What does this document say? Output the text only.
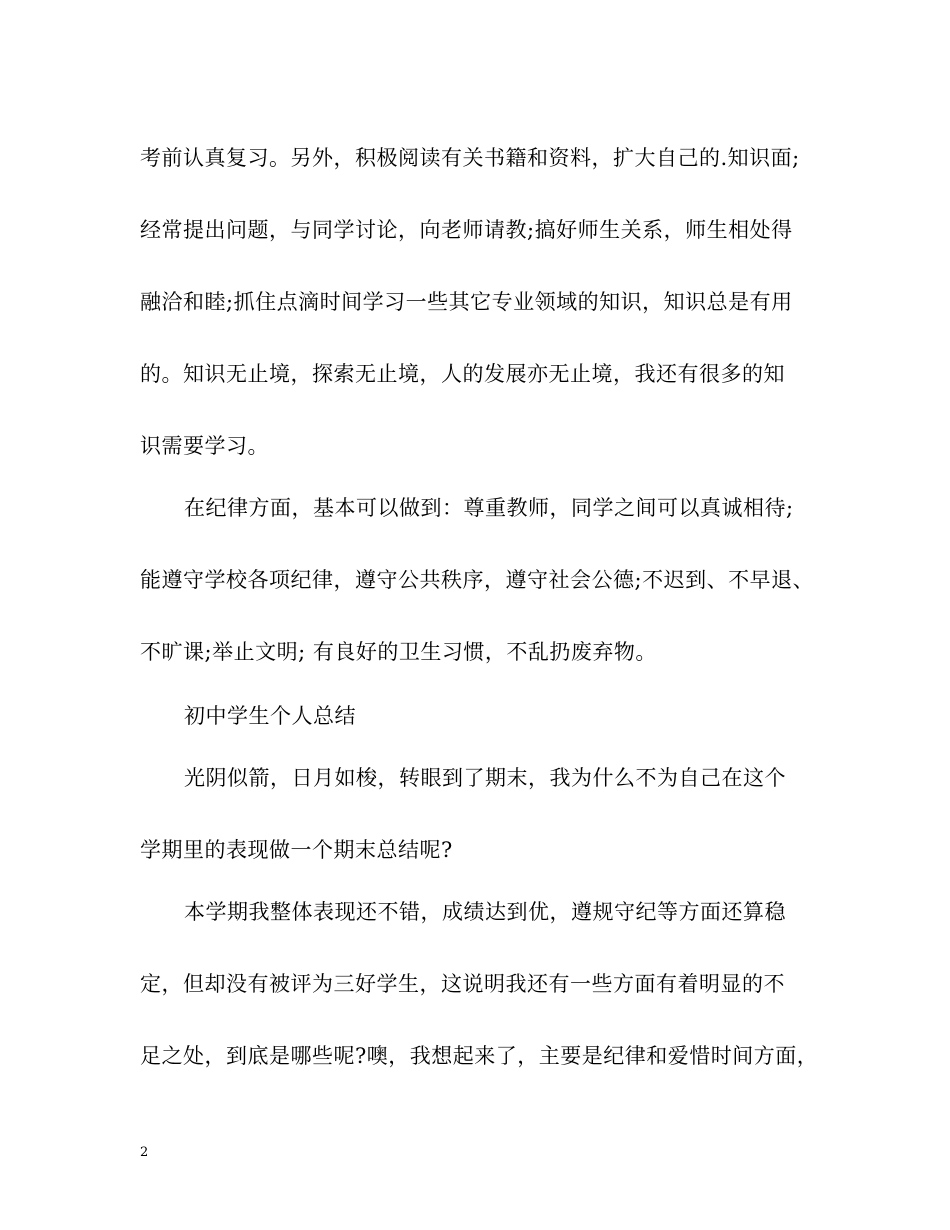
考前认真复习。另外，积极阅读有关书籍和资料，扩大自己的.知识面;
经常提出问题，与同学讨论，向老师请教;搞好师生关系，师生相处得
融洽和睦;抓住点滴时间学习一些其它专业领域的知识，知识总是有用
的。知识无止境，探索无止境，人的发展亦无止境，我还有很多的知
识需要学习。
在纪律方面，基本可以做到：尊重教师，同学之间可以真诚相待;
能遵守学校各项纪律，遵守公共秩序，遵守社会公德;不迟到、不早退、
不旷课;举止文明; 有良好的卫生习惯，不乱扔废弃物。
初中学生个人总结
光阴似箭，日月如梭，转眼到了期末，我为什么不为自己在这个
学期里的表现做一个期末总结呢?
本学期我整体表现还不错，成绩达到优，遵规守纪等方面还算稳
定，但却没有被评为三好学生，这说明我还有一些方面有着明显的不
足之处，到底是哪些呢?噢，我想起来了，主要是纪律和爱惜时间方面，
2
